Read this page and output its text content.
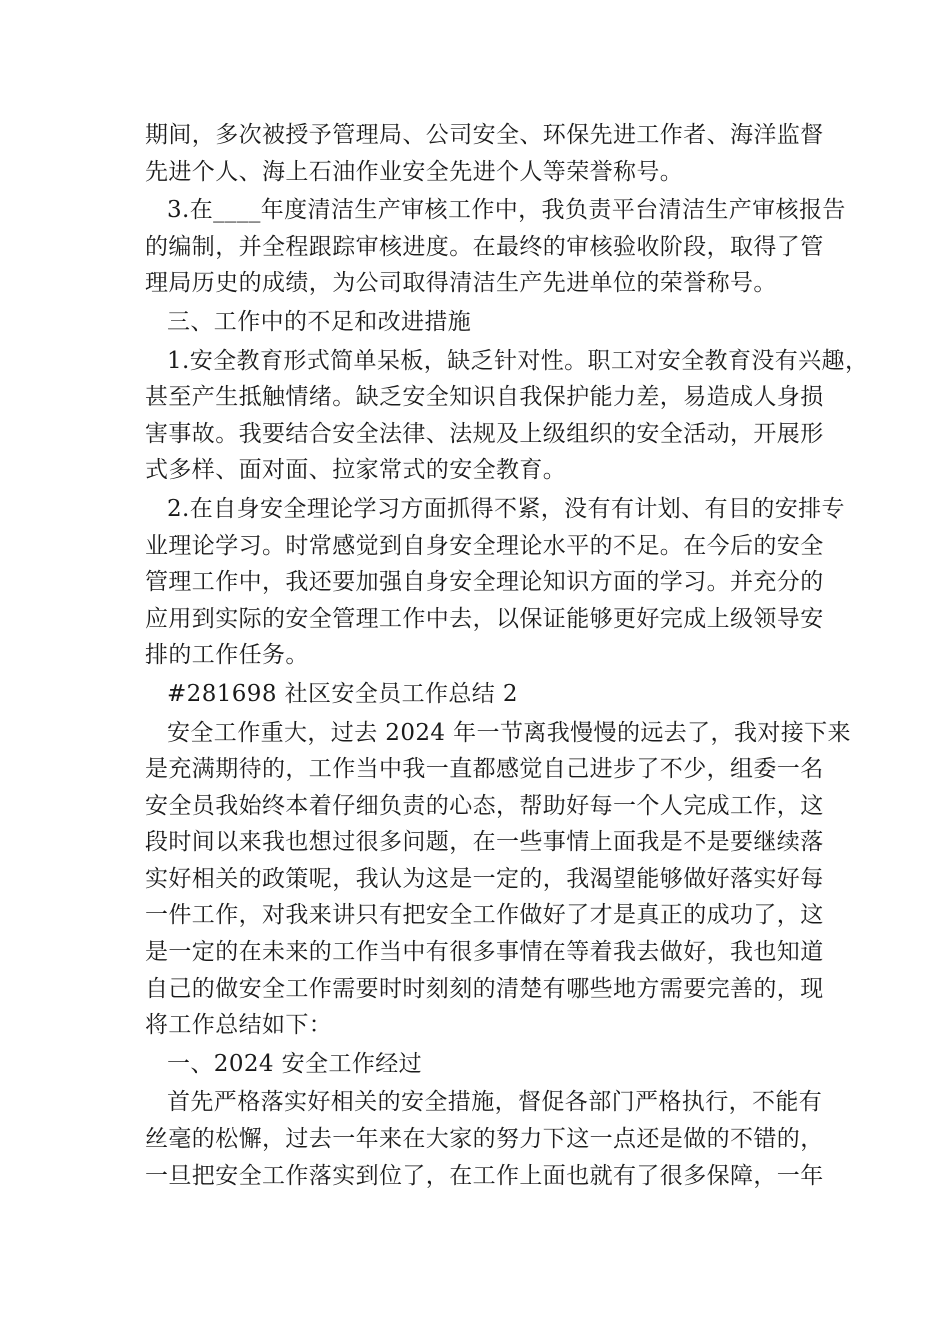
期间，多次被授予管理局、公司安全、环保先进工作者、海洋监督
先进个人、海上石油作业安全先进个人等荣誉称号。
3.在____年度清洁生产审核工作中，我负责平台清洁生产审核报告
的编制，并全程跟踪审核进度。在最终的审核验收阶段，取得了管
理局历史的成绩，为公司取得清洁生产先进单位的荣誉称号。
三、工作中的不足和改进措施
1.安全教育形式简单呆板，缺乏针对性。职工对安全教育没有兴趣，
甚至产生抵触情绪。缺乏安全知识自我保护能力差，易造成人身损
害事故。我要结合安全法律、法规及上级组织的安全活动，开展形
式多样、面对面、拉家常式的安全教育。
2.在自身安全理论学习方面抓得不紧，没有有计划、有目的安排专
业理论学习。时常感觉到自身安全理论水平的不足。在今后的安全
管理工作中，我还要加强自身安全理论知识方面的学习。并充分的
应用到实际的安全管理工作中去，以保证能够更好完成上级领导安
排的工作任务。
#281698 社区安全员工作总结 2
安全工作重大，过去 2024 年一节离我慢慢的远去了，我对接下来
是充满期待的，工作当中我一直都感觉自己进步了不少，组委一名
安全员我始终本着仔细负责的心态，帮助好每一个人完成工作，这
段时间以来我也想过很多问题，在一些事情上面我是不是要继续落
实好相关的政策呢，我认为这是一定的，我渴望能够做好落实好每
一件工作，对我来讲只有把安全工作做好了才是真正的成功了，这
是一定的在未来的工作当中有很多事情在等着我去做好，我也知道
自己的做安全工作需要时时刻刻的清楚有哪些地方需要完善的，现
将工作总结如下：
一、2024 安全工作经过
首先严格落实好相关的安全措施，督促各部门严格执行，不能有
丝毫的松懈，过去一年来在大家的努力下这一点还是做的不错的，
一旦把安全工作落实到位了，在工作上面也就有了很多保障，一年
